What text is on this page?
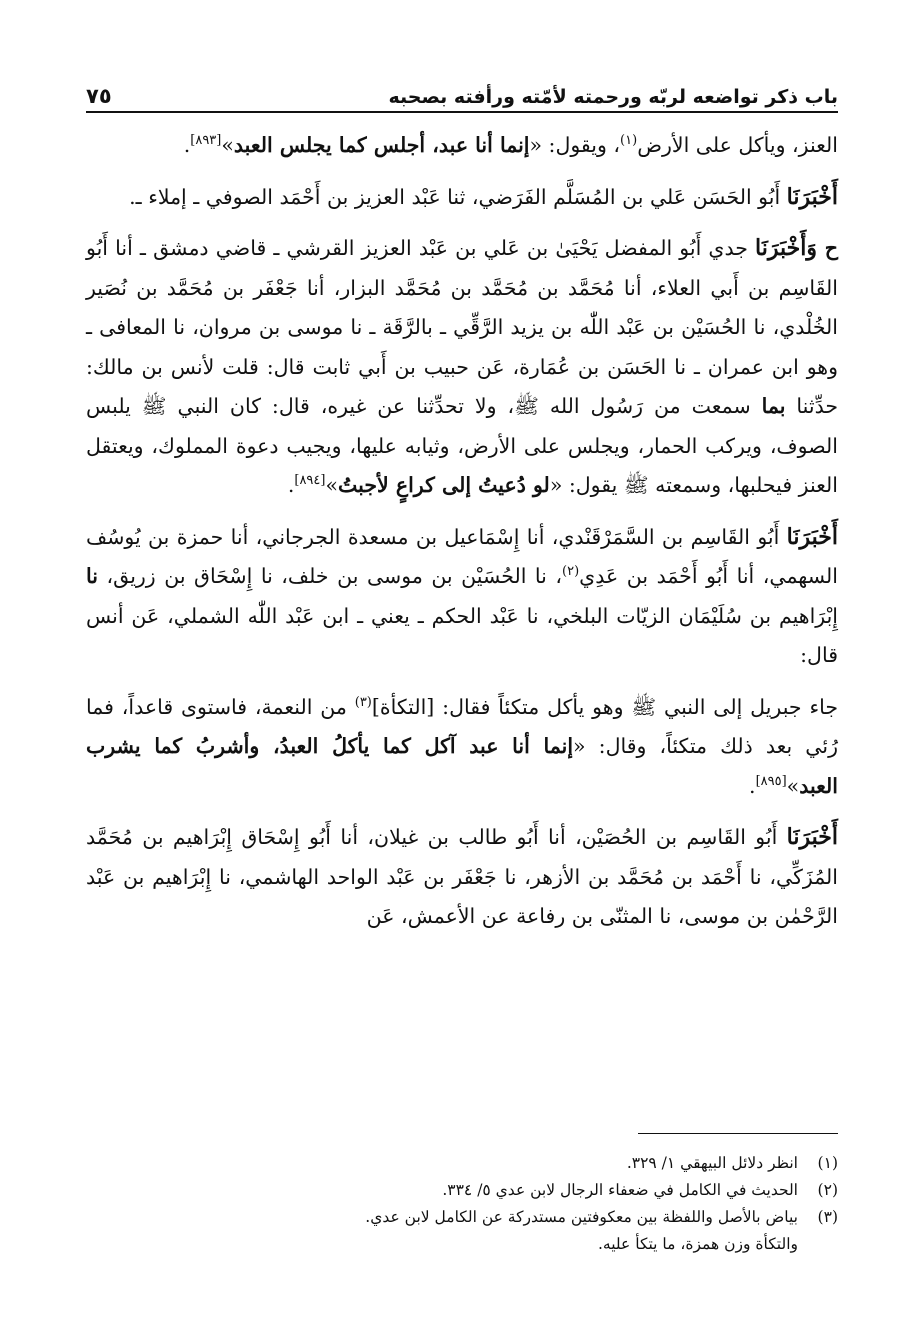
باب ذكر تواضعه لربّه ورحمته لأمّته ورأفته بصحبه
٧٥

العنز، ويأكل على الأرض$^{(١)}$، ويقول: «إنما أنا عبد، أجلس كما يجلس العبد»[٨٩٣].

أَخْبَرَنَا أَبُو الحَسَن عَلي بن المُسَلَّم الفَرَضي، ثنا عَبْد العزيز بن أَحْمَد الصوفي ـ إملاء ـ.

ح وَأَخْبَرَنَا جدي أَبُو المفضل يَحْيَىٰ بن عَلي بن عَبْد العزيز القرشي ـ قاضي دمشق ـ أنا أَبُو القَاسِم بن أَبي العلاء، أنا مُحَمَّد بن مُحَمَّد بن مُحَمَّد البزار، أنا جَعْفَر بن مُحَمَّد بن نُصَير الخُلْدي، نا الحُسَيْن بن عَبْد اللّٰه بن يزيد الرَّقِّي ـ بالرَّقَة ـ نا موسى بن مروان، نا المعافى ـ وهو ابن عمران ـ نا الحَسَن بن عُمَارة، عَن حبيب بن أَبي ثابت قال: قلت لأنس بن مالك: حدِّثنا بما سمعت من رَسُول الله ﷺ، ولا تحدِّثنا عن غيره، قال: كان النبي ﷺ يلبس الصوف، ويركب الحمار، ويجلس على الأرض، وثيابه عليها، ويجيب دعوة المملوك، ويعتقل العنز فيحلبها، وسمعته ﷺ يقول: «لو دُعيتُ إلى كراعٍ لأجبتُ»[٨٩٤].

أَخْبَرَنَا أَبُو القَاسِم بن السَّمَرْقَنْدي، أنا إِسْمَاعيل بن مسعدة الجرجاني، أنا حمزة بن يُوسُف السهمي، أنا أَبُو أَحْمَد بن عَدِي$^{(٢)}$، نا الحُسَيْن بن موسى بن خلف، نا إِسْحَاق بن زريق، نا إِبْرَاهيم بن سُلَيْمَان الزيّات البلخي، نا عَبْد الحكم ـ يعني ـ ابن عَبْد اللّٰه الشملي، عَن أنس قال:

جاء جبريل إلى النبي ﷺ وهو يأكل متكئاً فقال: [التكأة]$^{(٣)}$ من النعمة، فاستوى قاعداً، فما رُئي بعد ذلك متكئاً، وقال: «إنما أنا عبد آكل كما يأكلُ العبدُ، وأشربُ كما يشرب العبد»[٨٩٥].

أَخْبَرَنَا أَبُو القَاسِم بن الحُصَيْن، أنا أَبُو طالب بن غيلان، أنا أَبُو إِسْحَاق إِبْرَاهيم بن مُحَمَّد المُزَكِّي، نا أَحْمَد بن مُحَمَّد بن الأزهر، نا جَعْفَر بن عَبْد الواحد الهاشمي، نا إِبْرَاهيم بن عَبْد الرَّحْمٰن بن موسى، نا المثنّى بن رفاعة عن الأعمش، عَن

(١)
انظر دلائل البيهقي ١/ ٣٢٩.
(٢)
الحديث في الكامل في ضعفاء الرجال لابن عدي ٥/ ٣٣٤.
(٣)
بياض بالأصل واللفظة بين معكوفتين مستدركة عن الكامل لابن عدي.
والتكأة وزن همزة، ما يتكأ عليه.
